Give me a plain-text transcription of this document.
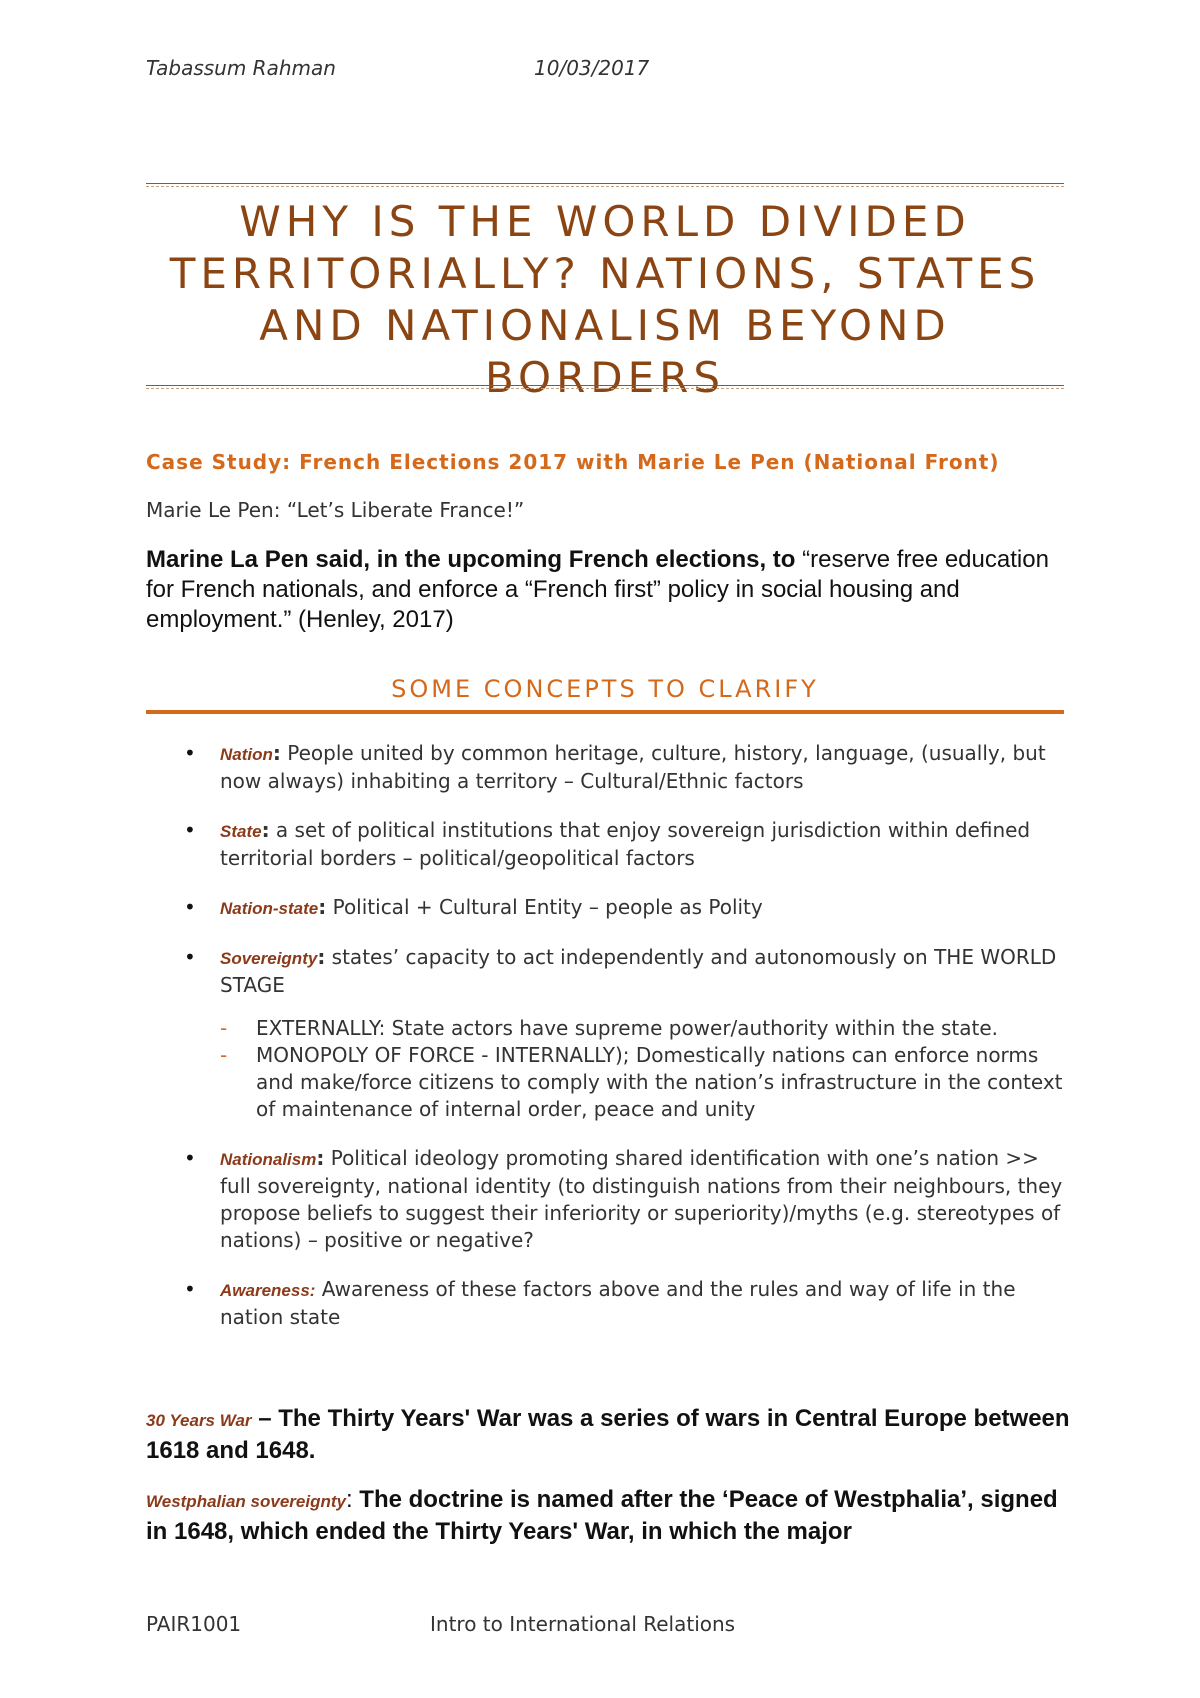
Tabassum Rahman	10/03/2017
WHY IS THE WORLD DIVIDED TERRITORIALLY? NATIONS, STATES AND NATIONALISM BEYOND BORDERS
Case Study: French Elections 2017 with Marie Le Pen (National Front)
Marie Le Pen: “Let’s Liberate France!”
Marine La Pen said, in the upcoming French elections, to “reserve free education for French nationals, and enforce a “French first” policy in social housing and employment.” (Henley, 2017)
SOME CONCEPTS TO CLARIFY
• Nation: People united by common heritage, culture, history, language, (usually, but now always) inhabiting a territory – Cultural/Ethnic factors
• State: a set of political institutions that enjoy sovereign jurisdiction within defined territorial borders – political/geopolitical factors
• Nation-state: Political + Cultural Entity – people as Polity
• Sovereignty: states’ capacity to act independently and autonomously on THE WORLD STAGE
- EXTERNALLY: State actors have supreme power/authority within the state.
- MONOPOLY OF FORCE - INTERNALLY); Domestically nations can enforce norms and make/force citizens to comply with the nation’s infrastructure in the context of maintenance of internal order, peace and unity
• Nationalism: Political ideology promoting shared identification with one’s nation >> full sovereignty, national identity (to distinguish nations from their neighbours, they propose beliefs to suggest their inferiority or superiority)/myths (e.g. stereotypes of nations) – positive or negative?
• Awareness: Awareness of these factors above and the rules and way of life in the nation state
30 Years War – The Thirty Years' War was a series of wars in Central Europe between 1618 and 1648.
Westphalian sovereignty: The doctrine is named after the ‘Peace of Westphalia’, signed in 1648, which ended the Thirty Years' War, in which the major
PAIR1001	Intro to International Relations
